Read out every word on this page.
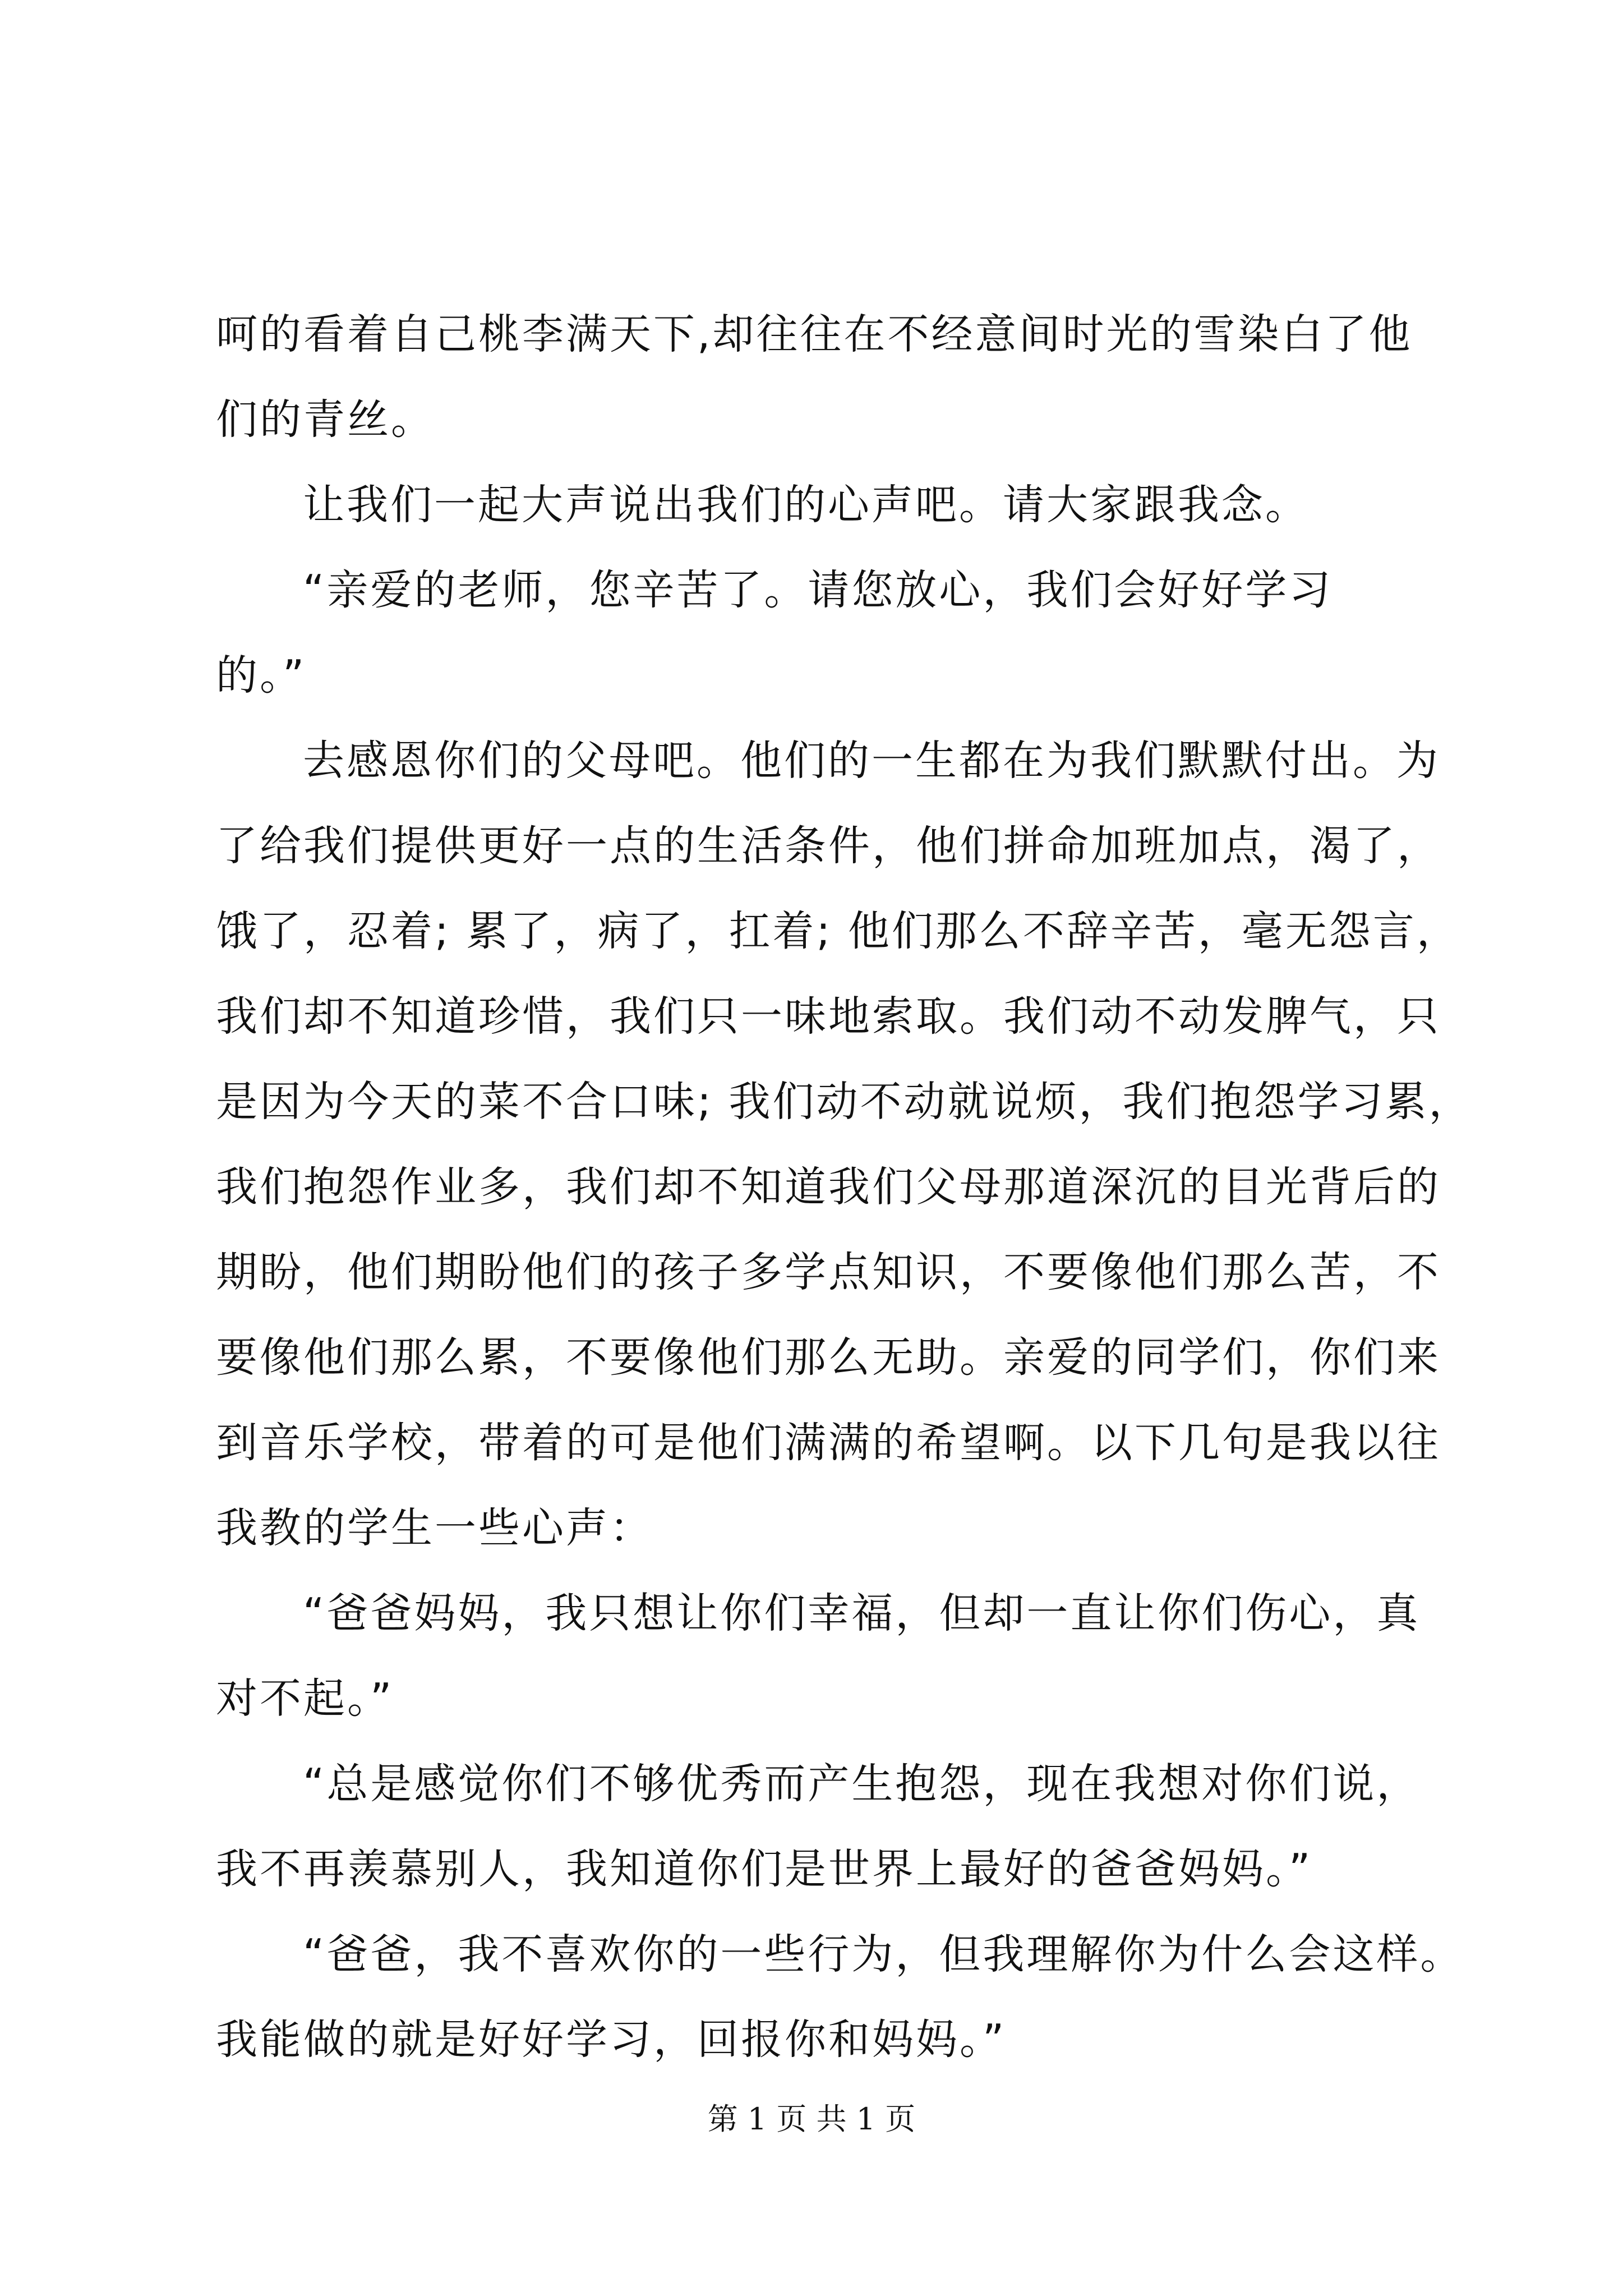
呵的看着自己桃李满天下,却往往在不经意间时光的雪染白了他
们的青丝。
让我们一起大声说出我们的心声吧。请大家跟我念。
“亲爱的老师，您辛苦了。请您放心，我们会好好学习
的。”
去感恩你们的父母吧。他们的一生都在为我们默默付出。为
了给我们提供更好一点的生活条件，他们拼命加班加点，渴了，
饿了，忍着; 累了，病了，扛着; 他们那么不辞辛苦，毫无怨言，
我们却不知道珍惜，我们只一味地索取。我们动不动发脾气，只
是因为今天的菜不合口味; 我们动不动就说烦，我们抱怨学习累，
我们抱怨作业多，我们却不知道我们父母那道深沉的目光背后的
期盼，他们期盼他们的孩子多学点知识，不要像他们那么苦，不
要像他们那么累，不要像他们那么无助。亲爱的同学们，你们来
到音乐学校，带着的可是他们满满的希望啊。以下几句是我以往
我教的学生一些心声：
“爸爸妈妈，我只想让你们幸福，但却一直让你们伤心，真
对不起。”
“总是感觉你们不够优秀而产生抱怨，现在我想对你们说，
我不再羡慕别人，我知道你们是世界上最好的爸爸妈妈。”
“爸爸，我不喜欢你的一些行为，但我理解你为什么会这样。
我能做的就是好好学习，回报你和妈妈。”
第 1 页 共 1 页
